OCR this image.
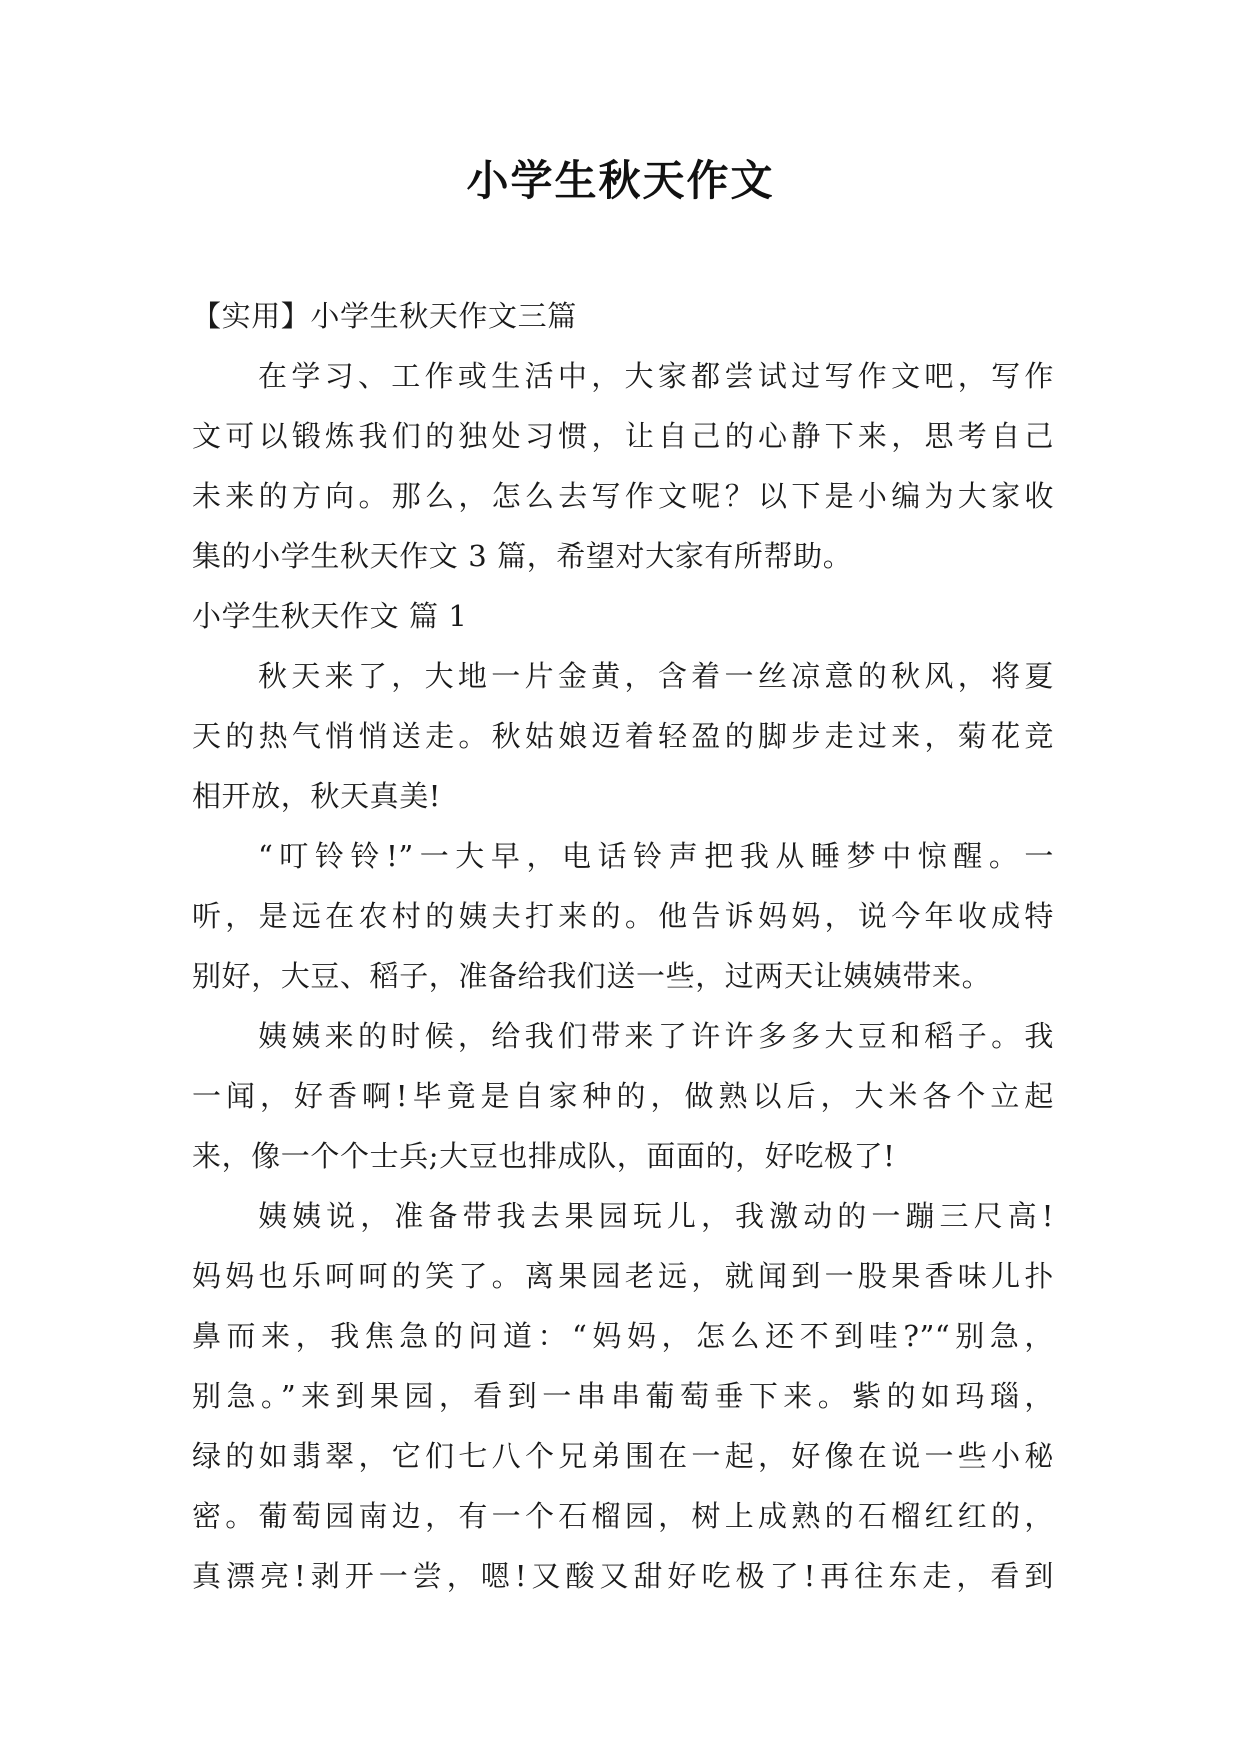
小学生秋天作文
【实用】小学生秋天作文三篇
在学习、工作或生活中，大家都尝试过写作文吧，写作
文可以锻炼我们的独处习惯，让自己的心静下来，思考自己
未来的方向。那么，怎么去写作文呢？以下是小编为大家收
集的小学生秋天作文 3 篇，希望对大家有所帮助。
小学生秋天作文 篇 1
秋天来了，大地一片金黄，含着一丝凉意的秋风，将夏
天的热气悄悄送走。秋姑娘迈着轻盈的脚步走过来，菊花竞
相开放，秋天真美!
“叮铃铃!”一大早，电话铃声把我从睡梦中惊醒。一
听，是远在农村的姨夫打来的。他告诉妈妈，说今年收成特
别好，大豆、稻子，准备给我们送一些，过两天让姨姨带来。
姨姨来的时候，给我们带来了许许多多大豆和稻子。我
一闻，好香啊!毕竟是自家种的，做熟以后，大米各个立起
来，像一个个士兵;大豆也排成队，面面的，好吃极了!
姨姨说，准备带我去果园玩儿，我激动的一蹦三尺高!
妈妈也乐呵呵的笑了。离果园老远，就闻到一股果香味儿扑
鼻而来，我焦急的问道：“妈妈，怎么还不到哇?”“别急，
别急。”来到果园，看到一串串葡萄垂下来。紫的如玛瑙，
绿的如翡翠，它们七八个兄弟围在一起，好像在说一些小秘
密。葡萄园南边，有一个石榴园，树上成熟的石榴红红的，
真漂亮!剥开一尝，嗯!又酸又甜好吃极了!再往东走，看到
